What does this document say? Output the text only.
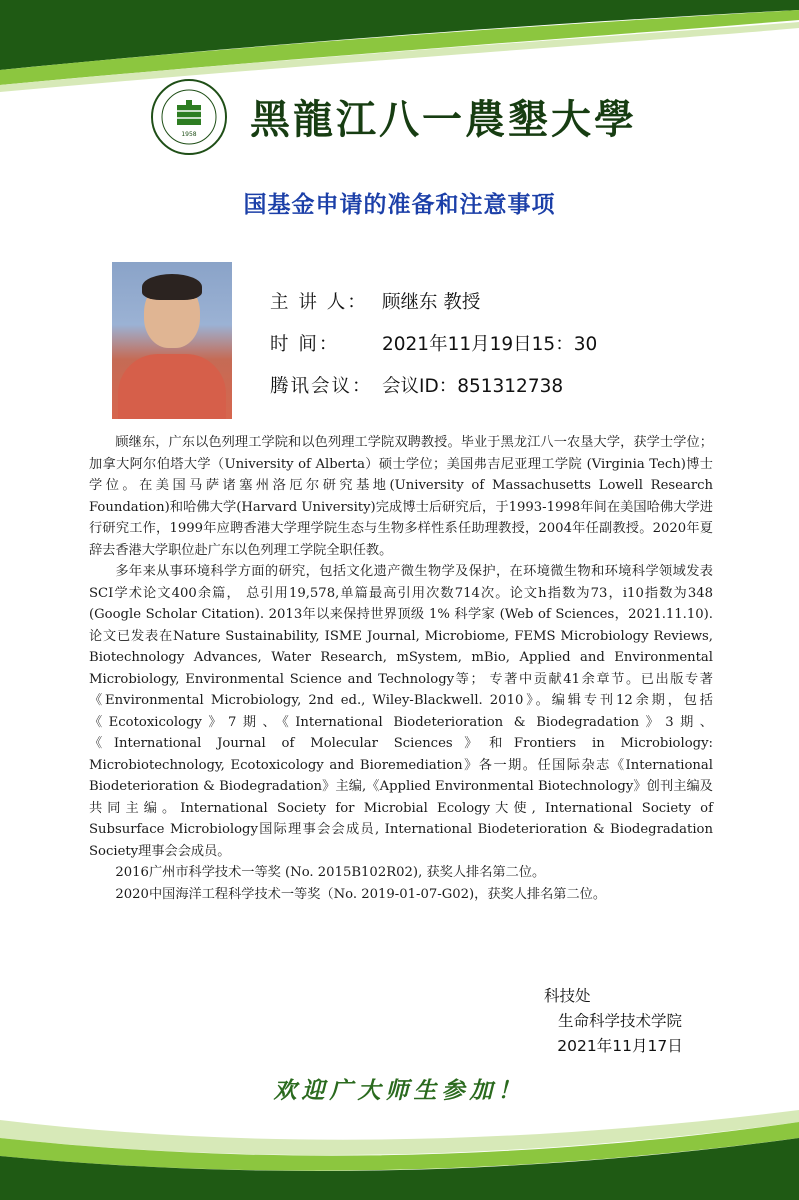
1958 黑龍江八一農墾大學
国基金申请的准备和注意事项
主 讲 人： 顾继东 教授
时 间： 2021年11月19日15：30
腾讯会议： 会议ID：851312738

顾继东，广东以色列理工学院和以色列理工学院双聘教授。毕业于黑龙江八一农垦大学，获学士学位；加拿大阿尔伯塔大学（University of Alberta）硕士学位；美国弗吉尼亚理工学院 (Virginia Tech)博士学位。在美国马萨诸塞州洛厄尔研究基地(University of Massachusetts Lowell Research Foundation)和哈佛大学(Harvard University)完成博士后研究后，于1993-1998年间在美国哈佛大学进行研究工作，1999年应聘香港大学理学院生态与生物多样性系任助理教授，2004年任副教授。2020年夏辞去香港大学职位赴广东以色列理工学院全职任教。

多年来从事环境科学方面的研究，包括文化遗产微生物学及保护，在环境微生物和环境科学领域发表SCI学术论文400余篇， 总引用19,578,单篇最高引用次数714次。论文h指数为73，i10指数为348 (Google Scholar Citation). 2013年以来保持世界顶级 1% 科学家 (Web of Sciences，2021.11.10).论文已发表在Nature Sustainability, ISME Journal, Microbiome, FEMS Microbiology Reviews, Biotechnology Advances, Water Research, mSystem, mBio, Applied and Environmental Microbiology, Environmental Science and Technology等； 专著中贡献41余章节。已出版专著《Environmental Microbiology, 2nd ed., Wiley-Blackwell. 2010》。编辑专刊12余期，包括《Ecotoxicology》7期、《International Biodeterioration & Biodegradation》3期、《International Journal of Molecular Sciences》和Frontiers in Microbiology: Microbiotechnology, Ecotoxicology and Bioremediation》各一期。任国际杂志《International Biodeterioration & Biodegradation》主编,《Applied Environmental Biotechnology》创刊主编及共同主编。International Society for Microbial Ecology大使, International Society of Subsurface Microbiology国际理事会会成员, International Biodeterioration & Biodegradation Society理事会会成员。

2016广州市科学技术一等奖 (No. 2015B102R02), 获奖人排名第二位。

2020中国海洋工程科学技术一等奖（No. 2019-01-07-G02)，获奖人排名第二位。

科技处
生命科学技术学院
2021年11月17日
欢迎广大师生参加！
